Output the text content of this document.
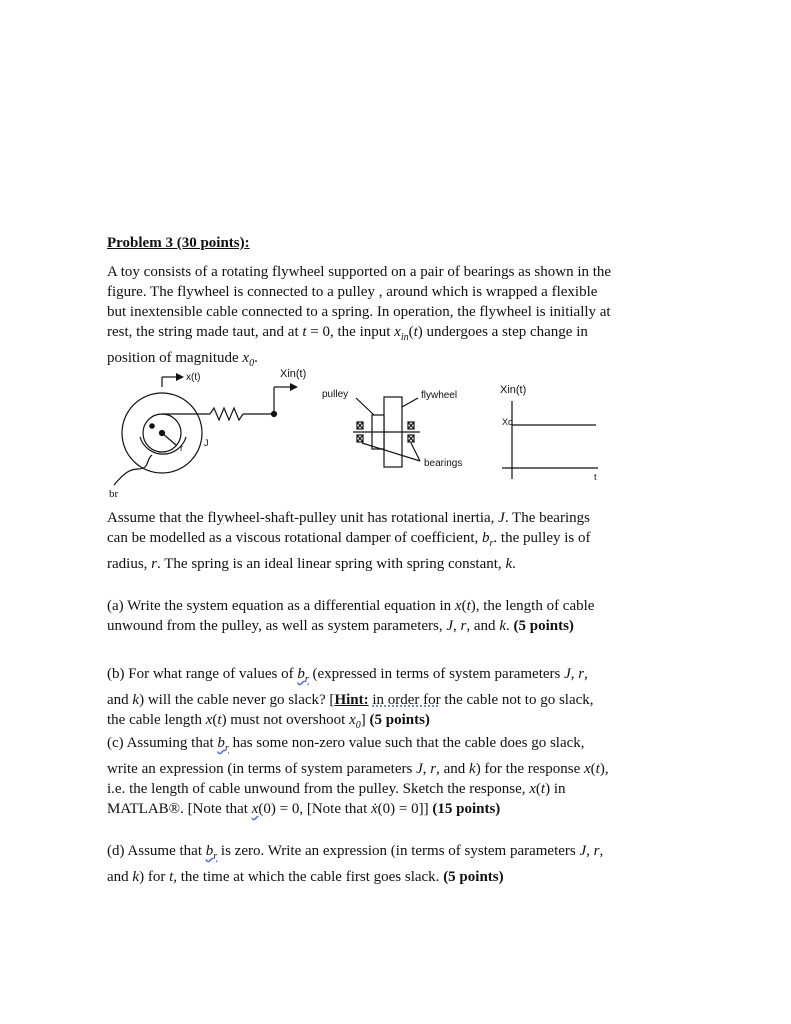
Problem 3 (30 points):

A toy consists of a rotating flywheel supported on a pair of bearings as shown in the figure. The flywheel is connected to a pulley , around which is wrapped a flexible but inextensible cable connected to a spring. In operation, the flywheel is initially at rest, the string made taut, and at t = 0, the input $x_{in}(t)$ undergoes a step change in position of magnitude $x_0$.

x(t)	Xin(t)
r J
br
pulley	flywheel
bearings
Xin(t)
Xo
t

Assume that the flywheel-shaft-pulley unit has rotational inertia, J. The bearings can be modelled as a viscous rotational damper of coefficient, $b_r$. the pulley is of radius, r. The spring is an ideal linear spring with spring constant, k.

(a) Write the system equation as a differential equation in x(t), the length of cable unwound from the pulley, as well as system parameters, J, r, and k. (5 points)

(b) For what range of values of $b_r$ (expressed in terms of system parameters J, r, and k) will the cable never go slack? [Hint: in order for the cable not to go slack, the cable length x(t) must not overshoot $x_0$] (5 points)

(c) Assuming that $b_r$ has some non-zero value such that the cable does go slack, write an expression (in terms of system parameters J, r, and k) for the response x(t), i.e. the length of cable unwound from the pulley. Sketch the response, x(t) in MATLAB®. [Note that x(0) = 0, [Note that ẋ(0) = 0]] (15 points)

(d) Assume that $b_r$ is zero. Write an expression (in terms of system parameters J, r, and k) for t, the time at which the cable first goes slack. (5 points)
